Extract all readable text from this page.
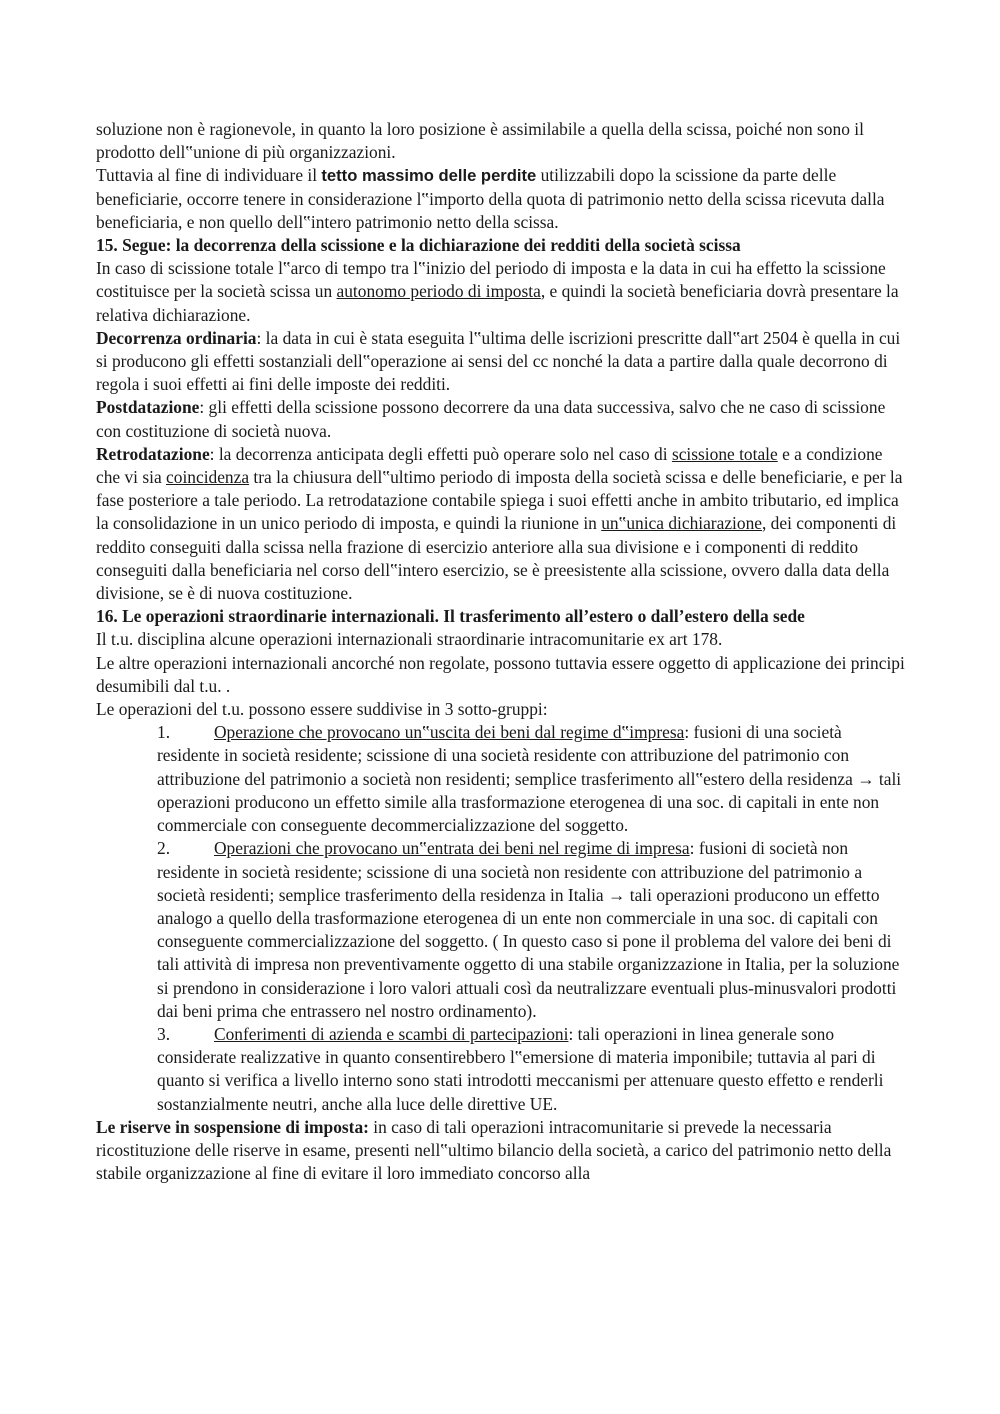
soluzione non è ragionevole, in quanto la loro posizione è assimilabile a quella della scissa, poiché non sono il prodotto dell‟unione di più organizzazioni.

Tuttavia al fine di individuare il tetto massimo delle perdite utilizzabili dopo la scissione da parte delle beneficiarie, occorre tenere in considerazione l‟importo della quota di patrimonio netto della scissa ricevuta dalla beneficiaria, e non quello dell‟intero patrimonio netto della scissa.

15. Segue: la decorrenza della scissione e la dichiarazione dei redditi della società scissa

In caso di scissione totale l‟arco di tempo tra l‟inizio del periodo di imposta e la data in cui ha effetto la scissione costituisce per la società scissa un autonomo periodo di imposta, e quindi la società beneficiaria dovrà presentare la relativa dichiarazione.

Decorrenza ordinaria: la data in cui è stata eseguita l‟ultima delle iscrizioni prescritte dall‟art 2504 è quella in cui si producono gli effetti sostanziali dell‟operazione ai sensi del cc nonché la data a partire dalla quale decorrono di regola i suoi effetti ai fini delle imposte dei redditi.

Postdatazione: gli effetti della scissione possono decorrere da una data successiva, salvo che ne caso di scissione con costituzione di società nuova.

Retrodatazione: la decorrenza anticipata degli effetti può operare solo nel caso di scissione totale e a condizione che vi sia coincidenza tra la chiusura dell‟ultimo periodo di imposta della società scissa e delle beneficiarie, e per la fase posteriore a tale periodo. La retrodatazione contabile spiega i suoi effetti anche in ambito tributario, ed implica la consolidazione in un unico periodo di imposta, e quindi la riunione in un‟unica dichiarazione, dei componenti di reddito conseguiti dalla scissa nella frazione di esercizio anteriore alla sua divisione e i componenti di reddito conseguiti dalla beneficiaria nel corso dell‟intero esercizio, se è preesistente alla scissione, ovvero dalla data della divisione, se è di nuova costituzione.

16. Le operazioni straordinarie internazionali. Il trasferimento all’estero o dall’estero della sede

Il t.u. disciplina alcune operazioni internazionali straordinarie intracomunitarie ex art 178.

Le altre operazioni internazionali ancorché non regolate, possono tuttavia essere oggetto di applicazione dei principi desumibili dal t.u. .

Le operazioni del t.u. possono essere suddivise in 3 sotto-gruppi:

1.	Operazione che provocano un‟uscita dei beni dal regime d‟impresa: fusioni di una società residente in società residente; scissione di una società residente con attribuzione del patrimonio con attribuzione del patrimonio a società non residenti; semplice trasferimento all‟estero della residenza → tali operazioni producono un effetto simile alla trasformazione eterogenea di una soc. di capitali in ente non commerciale con conseguente decommercializzazione del soggetto.

2.	Operazioni che provocano un‟entrata dei beni nel regime di impresa: fusioni di società non residente in società residente; scissione di una società non residente con attribuzione del patrimonio a società residenti; semplice trasferimento della residenza in Italia → tali operazioni producono un effetto analogo a quello della trasformazione eterogenea di un ente non commerciale in una soc. di capitali con conseguente commercializzazione del soggetto. ( In questo caso si pone il problema del valore dei beni di tali attività di impresa non preventivamente oggetto di una stabile organizzazione in Italia, per la soluzione si prendono in considerazione i loro valori attuali così da neutralizzare eventuali plus-minusvalori prodotti dai beni prima che entrassero nel nostro ordinamento).

3.	Conferimenti di azienda e scambi di partecipazioni: tali operazioni in linea generale sono considerate realizzative in quanto consentirebbero l‟emersione di materia imponibile; tuttavia al pari di quanto si verifica a livello interno sono stati introdotti meccanismi per attenuare questo effetto e renderli sostanzialmente neutri, anche alla luce delle direttive UE.

Le riserve in sospensione di imposta: in caso di tali operazioni intracomunitarie si prevede la necessaria ricostituzione delle riserve in esame, presenti nell‟ultimo bilancio della società, a carico del patrimonio netto della stabile organizzazione al fine di evitare il loro immediato concorso alla
